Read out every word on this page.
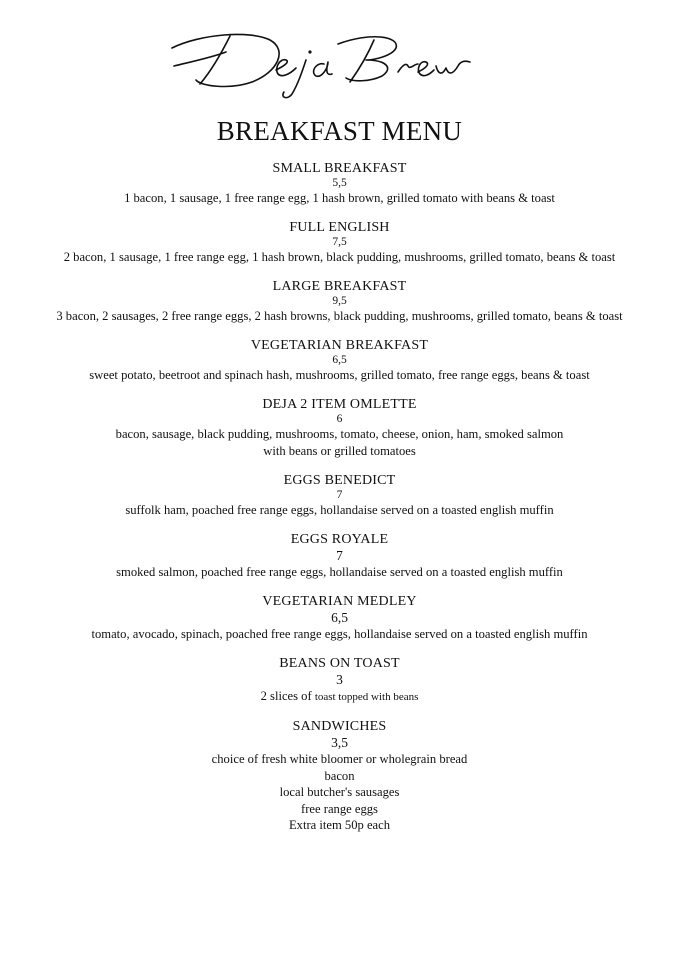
BREAKFAST MENU
SMALL BREAKFAST
5,5
1 bacon, 1 sausage, 1 free range egg, 1 hash brown, grilled tomato with beans & toast
FULL ENGLISH
7,5
2 bacon, 1 sausage, 1 free range egg, 1 hash brown, black pudding, mushrooms, grilled tomato, beans & toast
LARGE BREAKFAST
9,5
3 bacon, 2 sausages, 2 free range eggs, 2 hash browns, black pudding, mushrooms, grilled tomato, beans & toast
VEGETARIAN BREAKFAST
6,5
sweet potato, beetroot and spinach hash, mushrooms, grilled tomato, free range eggs, beans & toast
DEJA 2 ITEM OMLETTE
6
bacon, sausage, black pudding, mushrooms, tomato, cheese, onion, ham, smoked salmon
with beans or grilled tomatoes
EGGS BENEDICT
7
suffolk ham, poached free range eggs, hollandaise served on a toasted english muffin
EGGS ROYALE
7
smoked salmon, poached free range eggs, hollandaise served on a toasted english muffin
VEGETARIAN MEDLEY
6,5
tomato, avocado, spinach, poached free range eggs, hollandaise served on a toasted english muffin
BEANS ON TOAST
3
2 slices of toast topped with beans
SANDWICHES
3,5
choice of fresh white bloomer or wholegrain bread
bacon
local butcher's sausages
free range eggs
Extra item 50p each
